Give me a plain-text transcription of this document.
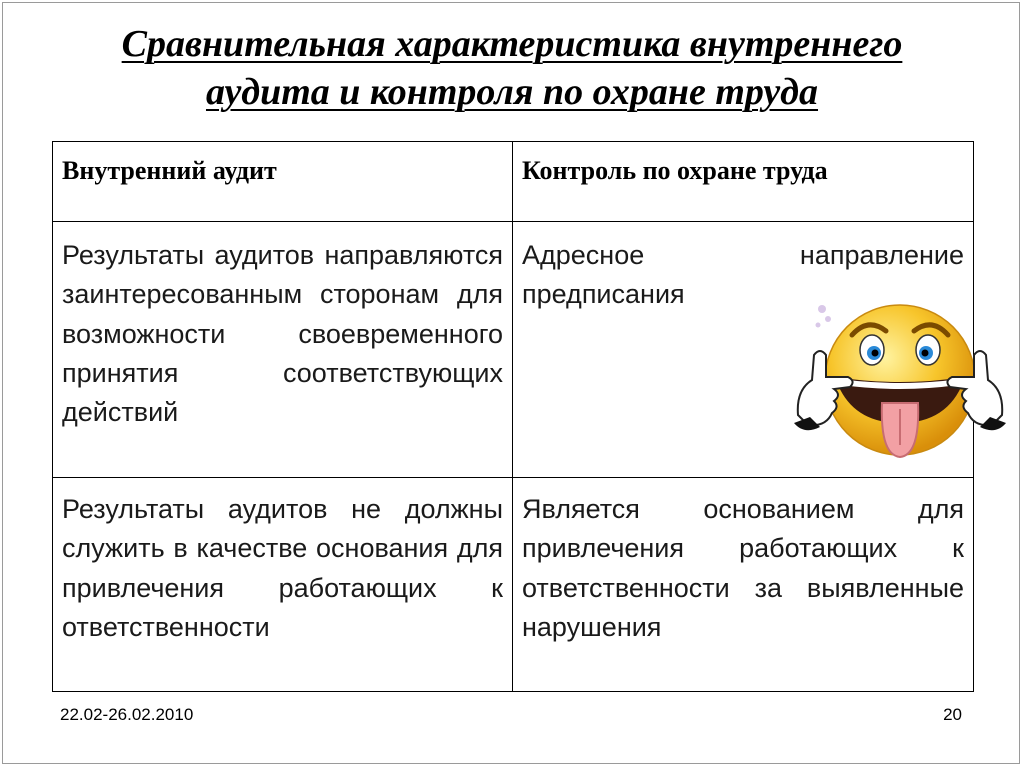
Сравнительная характеристика внутреннего
аудита и контроля по охране труда
Внутренний аудит	Контроль по охране труда
Результаты аудитов направляются заинтересованным сторонам для возможности своевременного принятия соответствующих действий	Адресное направление предписания
Результаты аудитов не должны служить в качестве основания для привлечения работающих к ответственности	Является основанием для привлечения работающих к ответственности за выявленные нарушения
22.02-26.02.2010	20
